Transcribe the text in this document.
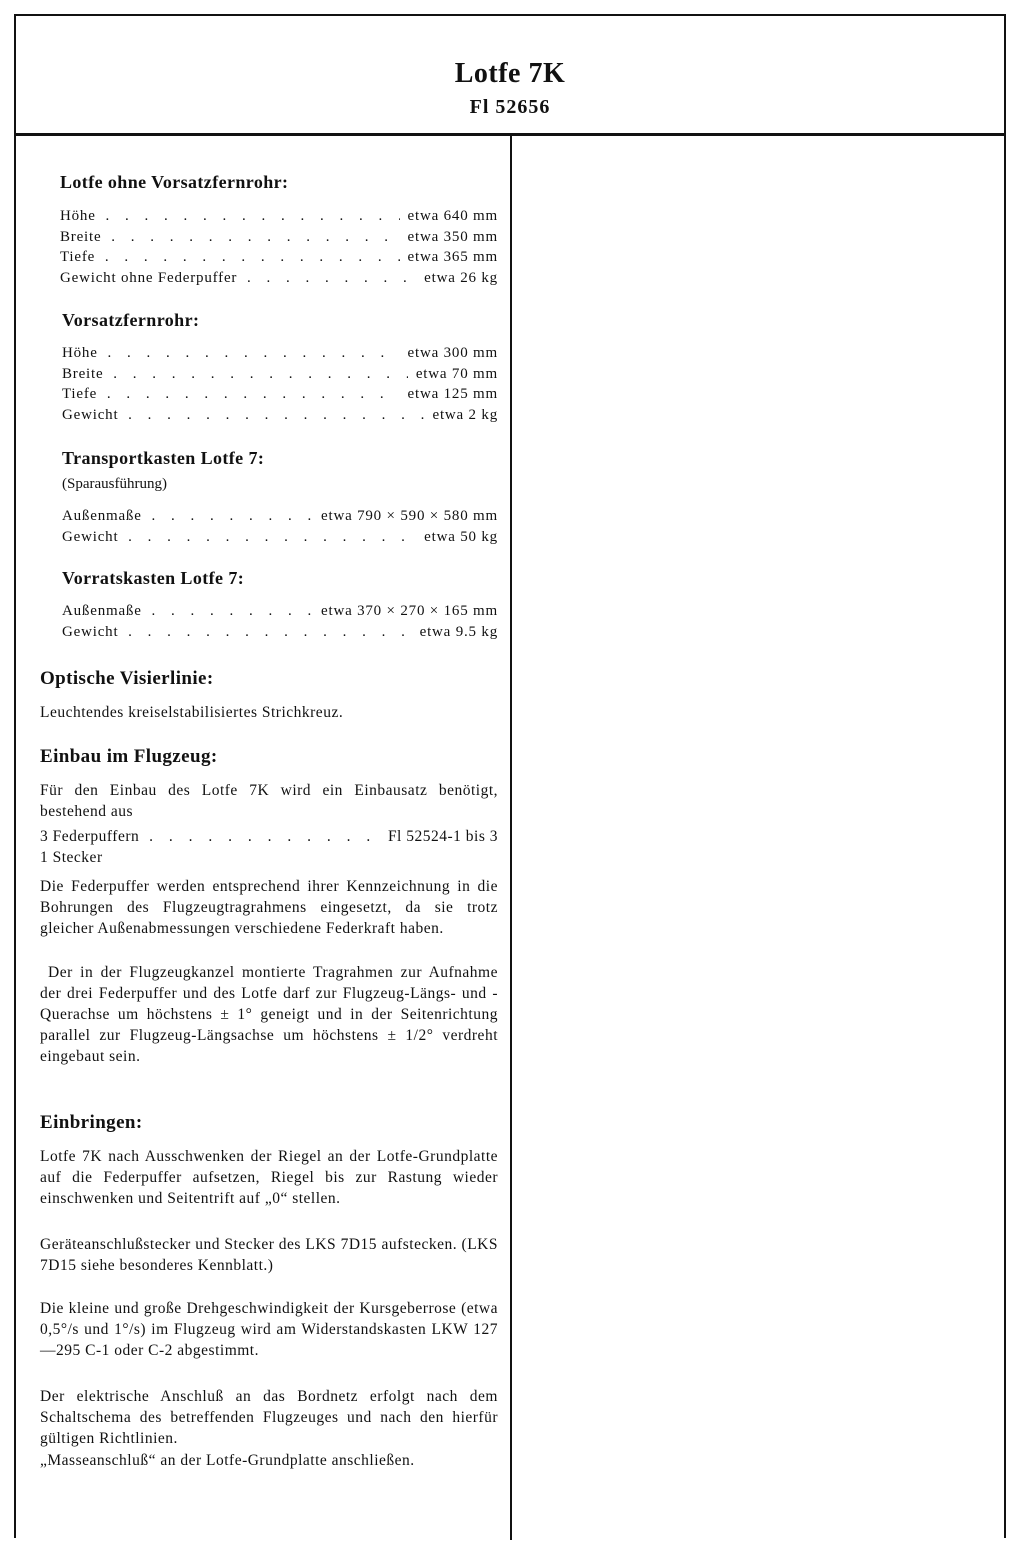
Lotfe 7K
Fl 52656
Lotfe ohne Vorsatzfernrohr:
Höhe . . .	etwa 640 mm
Breite . . .	etwa 350 mm
Tiefe . . .	etwa 365 mm
Gewicht ohne Federpuffer . . .	etwa 26 kg
Vorsatzfernrohr:
Höhe . . .	etwa 300 mm
Breite . . .	etwa 70 mm
Tiefe . . .	etwa 125 mm
Gewicht . . .	etwa 2 kg
Transportkasten Lotfe 7:
(Sparausführung)
Außenmaße . . .	etwa 790 × 590 × 580 mm
Gewicht . . .	etwa 50 kg
Vorratskasten Lotfe 7:
Außenmaße . . .	etwa 370 × 270 × 165 mm
Gewicht . . .	etwa 9.5 kg
Optische Visierlinie:
Leuchtendes kreiselstabilisiertes Strichkreuz.
Einbau im Flugzeug:
Für den Einbau des Lotfe 7K wird ein Einbausatz benötigt, bestehend aus
3 Federpuffern . . .	Fl 52524-1 bis 3
1 Stecker
Die Federpuffer werden entsprechend ihrer Kennzeichnung in die Bohrungen des Flugzeugtragrahmens eingesetzt, da sie trotz gleicher Außenabmessungen verschiedene Federkraft haben.
Der in der Flugzeugkanzel montierte Tragrahmen zur Aufnahme der drei Federpuffer und des Lotfe darf zur Flugzeug-Längs- und -Querachse um höchstens ± 1° geneigt und in der Seitenrichtung parallel zur Flugzeug-Längsachse um höchstens ± 1/2° verdreht eingebaut sein.
Einbringen:
Lotfe 7K nach Ausschwenken der Riegel an der Lotfe-Grundplatte auf die Federpuffer aufsetzen, Riegel bis zur Rastung wieder einschwenken und Seitentrift auf „0“ stellen.
Geräteanschlußstecker und Stecker des LKS 7D15 aufstecken. (LKS 7D15 siehe besonderes Kennblatt.)
Die kleine und große Drehgeschwindigkeit der Kursgeberrose (etwa 0,5°/s und 1°/s) im Flugzeug wird am Widerstandskasten LKW 127—295 C-1 oder C-2 abgestimmt.
Der elektrische Anschluß an das Bordnetz erfolgt nach dem Schaltschema des betreffenden Flugzeuges und nach den hierfür gültigen Richtlinien.
„Masseanschluß“ an der Lotfe-Grundplatte anschließen.
